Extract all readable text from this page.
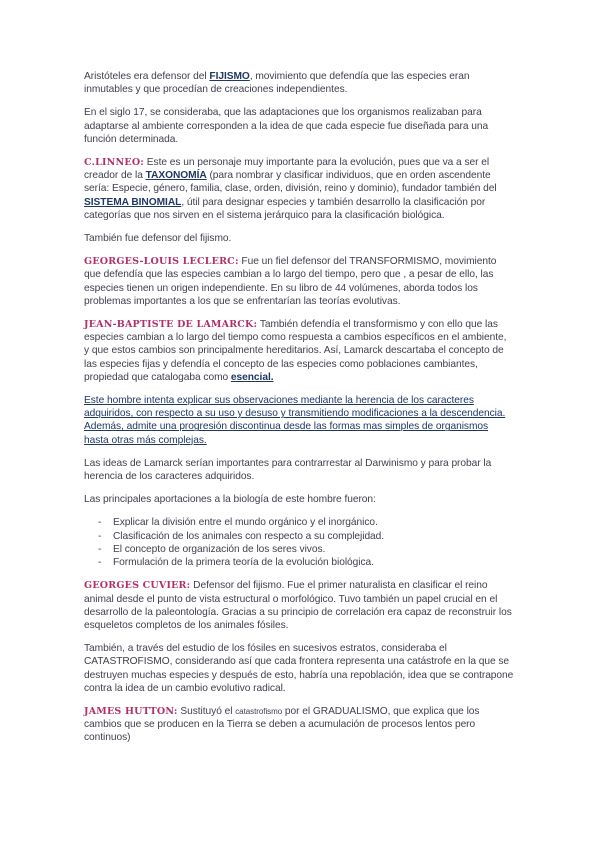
Aristóteles era defensor del FIJISMO, movimiento que defendía que las especies eran inmutables y que procedían de creaciones independientes.

En el siglo 17, se consideraba, que las adaptaciones que los organismos realizaban para adaptarse al ambiente corresponden a la idea de que cada especie fue diseñada para una función determinada.

C.LINNEO: Este es un personaje muy importante para la evolución, pues que va a ser el creador de la TAXONOMÍA (para nombrar y clasificar individuos, que en orden ascendente sería: Especie, género, familia, clase, orden, división, reino y dominio), fundador también del SISTEMA BINOMIAL, útil para designar especies y también desarrollo la clasificación por categorías que nos sirven en el sistema jerárquico para la clasificación biológica.

También fue defensor del fijismo.

GEORGES-LOUIS LECLERC: Fue un fiel defensor del TRANSFORMISMO, movimiento que defendía que las especies cambian a lo largo del tiempo, pero que , a pesar de ello, las especies tienen un origen independiente. En su libro de 44 volúmenes, aborda todos los problemas importantes a los que se enfrentarían las teorías evolutivas.

JEAN-BAPTISTE DE LAMARCK: También defendía el transformismo y con ello que las especies cambian a lo largo del tiempo como respuesta a cambios específicos en el ambiente, y que estos cambios son principalmente hereditarios. Así, Lamarck descartaba el concepto de las especies fijas y defendía el concepto de las especies como poblaciones cambiantes, propiedad que catalogaba como esencial.

Este hombre intenta explicar sus observaciones mediante la herencia de los caracteres adquiridos, con respecto a su uso y desuso y transmitiendo modificaciones a la descendencia. Además, admite una progresión discontinua desde las formas mas simples de organismos hasta otras más complejas.

Las ideas de Lamarck serían importantes para contrarrestar al Darwinismo y para probar la herencia de los caracteres adquiridos.

Las principales aportaciones a la biología de este hombre fueron:

- Explicar la división entre el mundo orgánico y el inorgánico.
- Clasificación de los animales con respecto a su complejidad.
- El concepto de organización de los seres vivos.
- Formulación de la primera teoría de la evolución biológica.

GEORGES CUVIER: Defensor del fijismo. Fue el primer naturalista en clasificar el reino animal desde el punto de vista estructural o morfológico. Tuvo también un papel crucial en el desarrollo de la paleontología. Gracias a su principio de correlación era capaz de reconstruir los esqueletos completos de los animales fósiles.

También, a través del estudio de los fósiles en sucesivos estratos, consideraba el CATASTROFISMO, considerando así que cada frontera representa una catástrofe en la que se destruyen muchas especies y después de esto, habría una repoblación, idea que se contrapone contra la idea de un cambio evolutivo radical.

JAMES HUTTON: Sustituyó el catastrofismo por el GRADUALISMO, que explica que los cambios que se producen en la Tierra se deben a acumulación de procesos lentos pero continuos)
